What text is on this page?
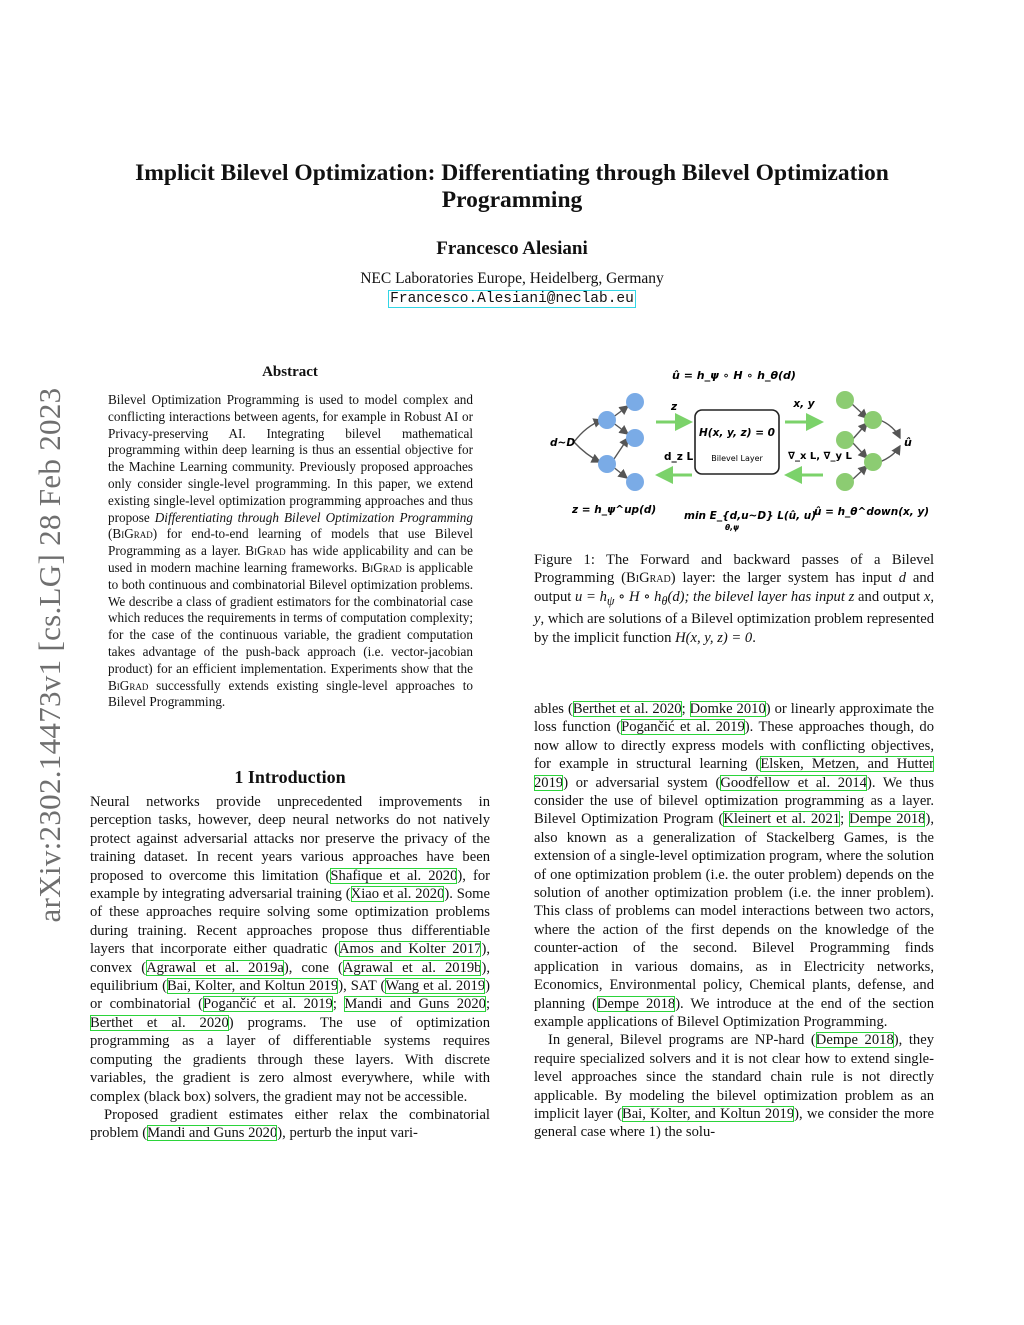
arXiv:2302.14473v1 [cs.LG] 28 Feb 2023
Implicit Bilevel Optimization: Differentiating through Bilevel Optimization Programming
Francesco Alesiani
NEC Laboratories Europe, Heidelberg, Germany
Francesco.Alesiani@neclab.eu
Abstract

Bilevel Optimization Programming is used to model complex and conflicting interactions between agents, for example in Robust AI or Privacy-preserving AI. Integrating bilevel mathematical programming within deep learning is thus an essential objective for the Machine Learning community. Previously proposed approaches only consider single-level programming. In this paper, we extend existing single-level optimization programming approaches and thus propose Differentiating through Bilevel Optimization Programming (BiGrad) for end-to-end learning of models that use Bilevel Programming as a layer. BiGrad has wide applicability and can be used in modern machine learning frameworks. BiGrad is applicable to both continuous and combinatorial Bilevel optimization problems. We describe a class of gradient estimators for the combinatorial case which reduces the requirements in terms of computation complexity; for the case of the continuous variable, the gradient computation takes advantage of the push-back approach (i.e. vector-jacobian product) for an efficient implementation. Experiments show that the BiGrad successfully extends existing single-level approaches to Bilevel Programming.

1 Introduction

Neural networks provide unprecedented improvements in perception tasks, however, deep neural networks do not natively protect against adversarial attacks nor preserve the privacy of the training dataset. In recent years various approaches have been proposed to overcome this limitation (Shafique et al. 2020), for example by integrating adversarial training (Xiao et al. 2020). Some of these approaches require solving some optimization problems during training. Recent approaches propose thus differentiable layers that incorporate either quadratic (Amos and Kolter 2017), convex (Agrawal et al. 2019a), cone (Agrawal et al. 2019b), equilibrium (Bai, Kolter, and Koltun 2019), SAT (Wang et al. 2019) or combinatorial (Pogančić et al. 2019; Mandi and Guns 2020; Berthet et al. 2020) programs. The use of optimization programming as a layer of differentiable systems requires computing the gradients through these layers. With discrete variables, the gradient is zero almost everywhere, while with complex (black box) solvers, the gradient may not be accessible.

Proposed gradient estimates either relax the combinatorial problem (Mandi and Guns 2020), perturb the input vari-

ables (Berthet et al. 2020; Domke 2010) or linearly approximate the loss function (Pogančić et al. 2019). These approaches though, do now allow to directly express models with conflicting objectives, for example in structural learning (Elsken, Metzen, and Hutter 2019) or adversarial system (Goodfellow et al. 2014). We thus consider the use of bilevel optimization programming as a layer. Bilevel Optimization Program (Kleinert et al. 2021; Dempe 2018), also known as a generalization of Stackelberg Games, is the extension of a single-level optimization program, where the solution of one optimization problem (i.e. the outer problem) depends on the solution of another optimization problem (i.e. the inner problem). This class of problems can model interactions between two actors, where the action of the first depends on the knowledge of the counter-action of the second. Bilevel Programming finds application in various domains, as in Electricity networks, Economics, Environmental policy, Chemical plants, defense, and planning (Dempe 2018). We introduce at the end of the section example applications of Bilevel Optimization Programming.

In general, Bilevel programs are NP-hard (Dempe 2018), they require specialized solvers and it is not clear how to extend single-level approaches since the standard chain rule is not directly applicable. By modeling the bilevel optimization problem as an implicit layer (Bai, Kolter, and Koltun 2019), we consider the more general case where 1) the solu-

û = h_ψ ∘ H ∘ h_θ(d)
d~D
z
d_z L
H(x, y, z) = 0
Bilevel Layer
x, y
∇_x L, ∇_y L
û
z = h_ψ^up(d)	min E_{d,u~D} L(û, u)
θ,ψ
û = h_θ^down(x, y)

Figure 1: The Forward and backward passes of a Bilevel Programming (BiGrad) layer: the larger system has input d and output $u = h_\psi$ ∘ H ∘ $h_\theta(d)$; the bilevel layer has input z and output x, y, which are solutions of a Bilevel optimization problem represented by the implicit function H(x, y, z) = 0.
